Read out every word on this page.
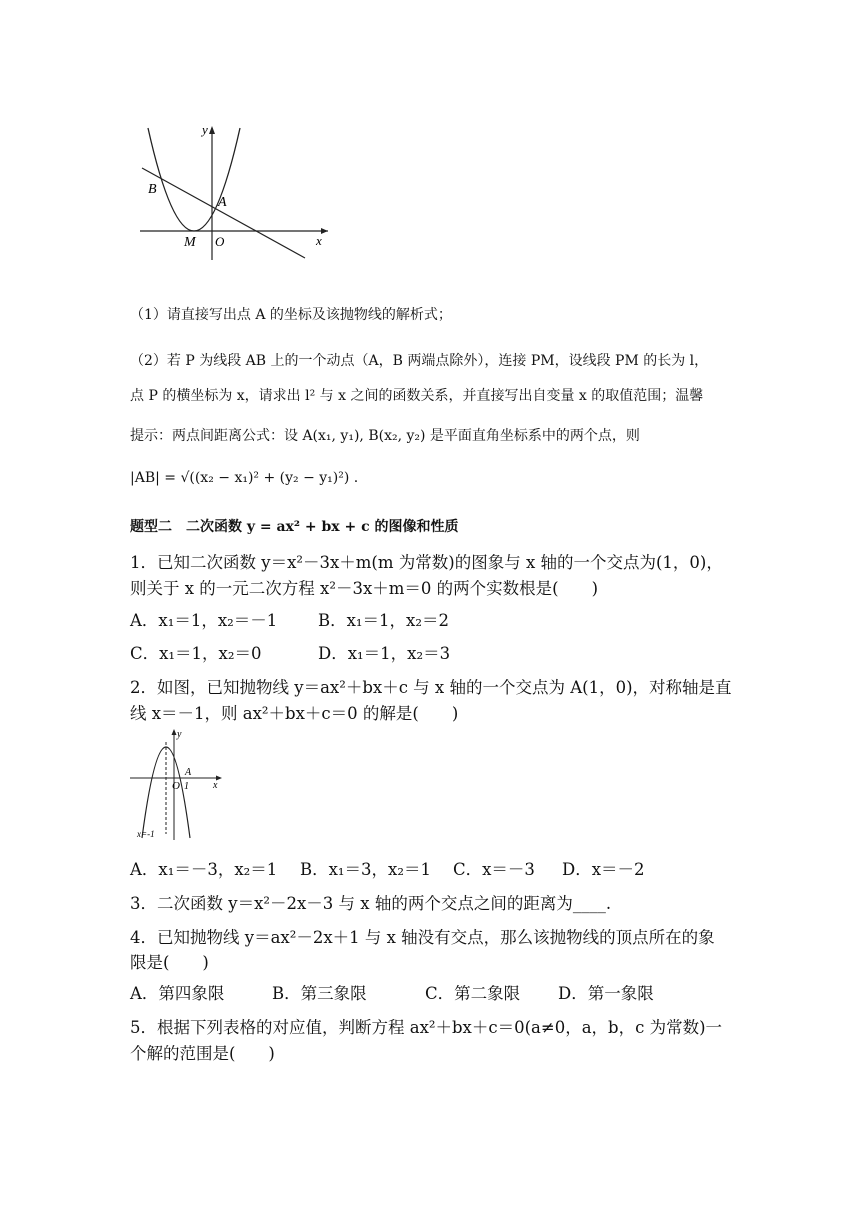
y
x
B
A
M O
（1）请直接写出点 A 的坐标及该抛物线的解析式；
（2）若 P 为线段 AB 上的一个动点（A，B 两端点除外），连接 PM，设线段 PM 的长为 l，
点 P 的横坐标为 x，请求出 l² 与 x 之间的函数关系，并直接写出自变量 x 的取值范围；温馨
提示：两点间距离公式：设 A(x₁, y₁), B(x₂, y₂) 是平面直角坐标系中的两个点，则
|AB| = √((x₂ − x₁)² + (y₂ − y₁)²) .
题型二　二次函数 y = ax² + bx + c 的图像和性质
1．已知二次函数 y＝x²－3x＋m(m 为常数)的图象与 x 轴的一个交点为(1，0)，
则关于 x 的一元二次方程 x²－3x＋m＝0 的两个实数根是(　　)
A．x₁＝1，x₂＝－1 B．x₁＝1，x₂＝2
C．x₁＝1，x₂＝0	D．x₁＝1，x₂＝3
2．如图，已知抛物线 y＝ax²＋bx＋c 与 x 轴的一个交点为 A(1，0)，对称轴是直
线 x＝－1，则 ax²＋bx＋c＝0 的解是(　　)
y
x
A
O 1
x=-1
A．x₁＝－3，x₂＝1 B．x₁＝3，x₂＝1 C．x＝－3 D．x＝－2
3．二次函数 y＝x²－2x－3 与 x 轴的两个交点之间的距离为____.
4．已知抛物线 y＝ax²－2x＋1 与 x 轴没有交点，那么该抛物线的顶点所在的象
限是(　　)
A．第四象限	B．第三象限	C．第二象限 D．第一象限
5．根据下列表格的对应值，判断方程 ax²＋bx＋c＝0(a≠0，a，b，c 为常数)一
个解的范围是(　　)
